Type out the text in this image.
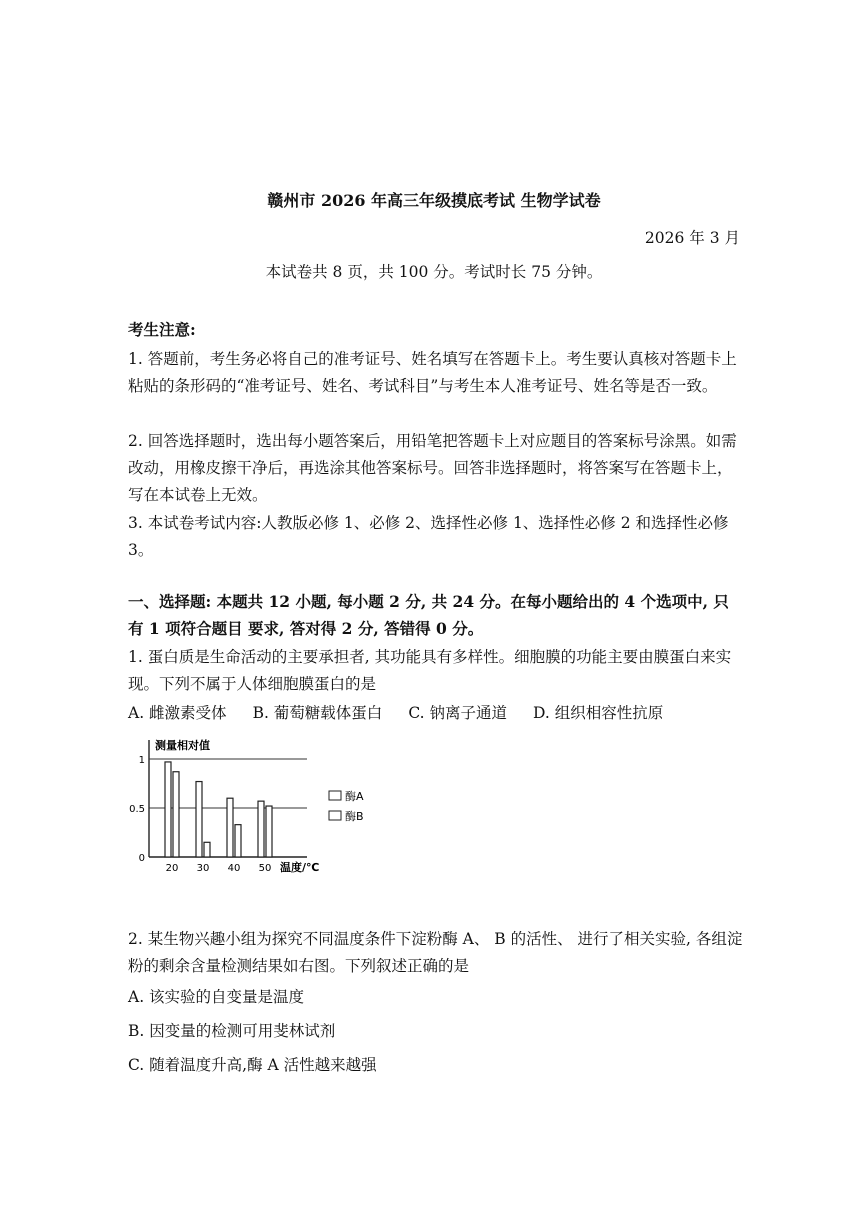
赣州市 2026 年高三年级摸底考试 生物学试卷
2026 年 3 月
本试卷共 8 页，共 100 分。考试时长 75 分钟。
考生注意:
1. 答题前，考生务必将自己的准考证号、姓名填写在答题卡上。考生要认真核对答题卡上粘贴的条形码的“准考证号、姓名、考试科目”与考生本人准考证号、姓名等是否一致。
2. 回答选择题时，选出每小题答案后，用铅笔把答题卡上对应题目的答案标号涂黑。如需改动，用橡皮擦干净后，再选涂其他答案标号。回答非选择题时，将答案写在答题卡上，写在本试卷上无效。
3. 本试卷考试内容:人教版必修 1、必修 2、选择性必修 1、选择性必修 2 和选择性必修 3。
一、选择题: 本题共 12 小题, 每小题 2 分, 共 24 分。在每小题给出的 4 个选项中, 只有 1 项符合题目 要求, 答对得 2 分, 答错得 0 分。
1. 蛋白质是生命活动的主要承担者, 其功能具有多样性。细胞膜的功能主要由膜蛋白来实现。下列不属于人体细胞膜蛋白的是
A. 雌激素受体 B. 葡萄糖载体蛋白 C. 钠离子通道 D. 组织相容性抗原
0
0.5
1
20 30 40 50
测量相对值
温度/℃
酶A
酶B
2. 某生物兴趣小组为探究不同温度条件下淀粉酶 A、 B 的活性、 进行了相关实验, 各组淀粉的剩余含量检测结果如右图。下列叙述正确的是
A. 该实验的自变量是温度
B. 因变量的检测可用斐林试剂
C. 随着温度升高,酶 A 活性越来越强
